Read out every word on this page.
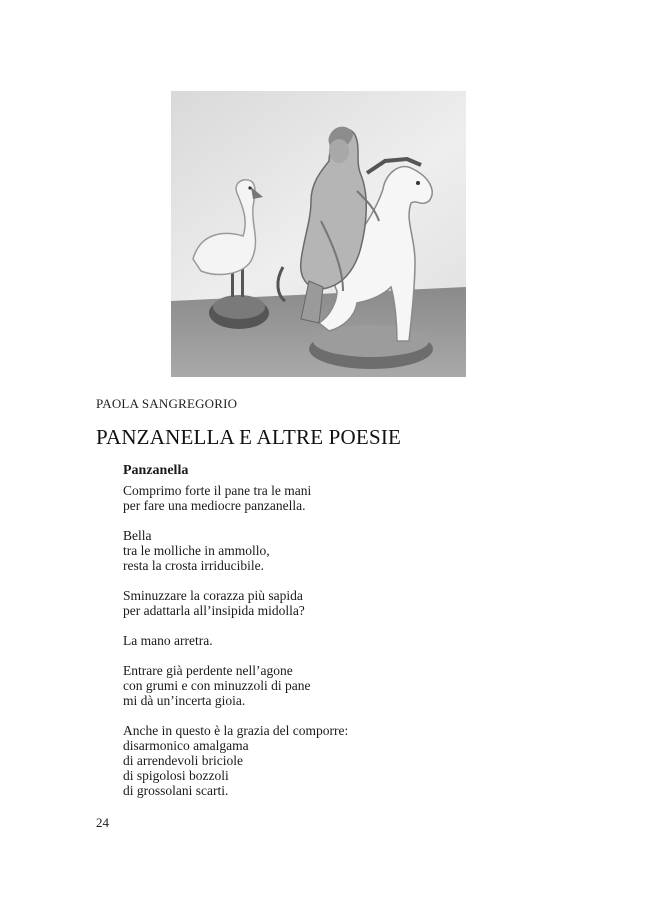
PAOLA SANGREGORIO
PANZANELLA E ALTRE POESIE
Panzanella
Comprimo forte il pane tra le mani
per fare una mediocre panzanella.
Bella
tra le molliche in ammollo,
resta la crosta irriducibile.
Sminuzzare la corazza più sapida
per adattarla all’insipida midolla?
La mano arretra.
Entrare già perdente nell’agone
con grumi e con minuzzoli di pane
mi dà un’incerta gioia.
Anche in questo è la grazia del comporre:
disarmonico amalgama
di arrendevoli briciole
di spigolosi bozzoli
di grossolani scarti.
24
